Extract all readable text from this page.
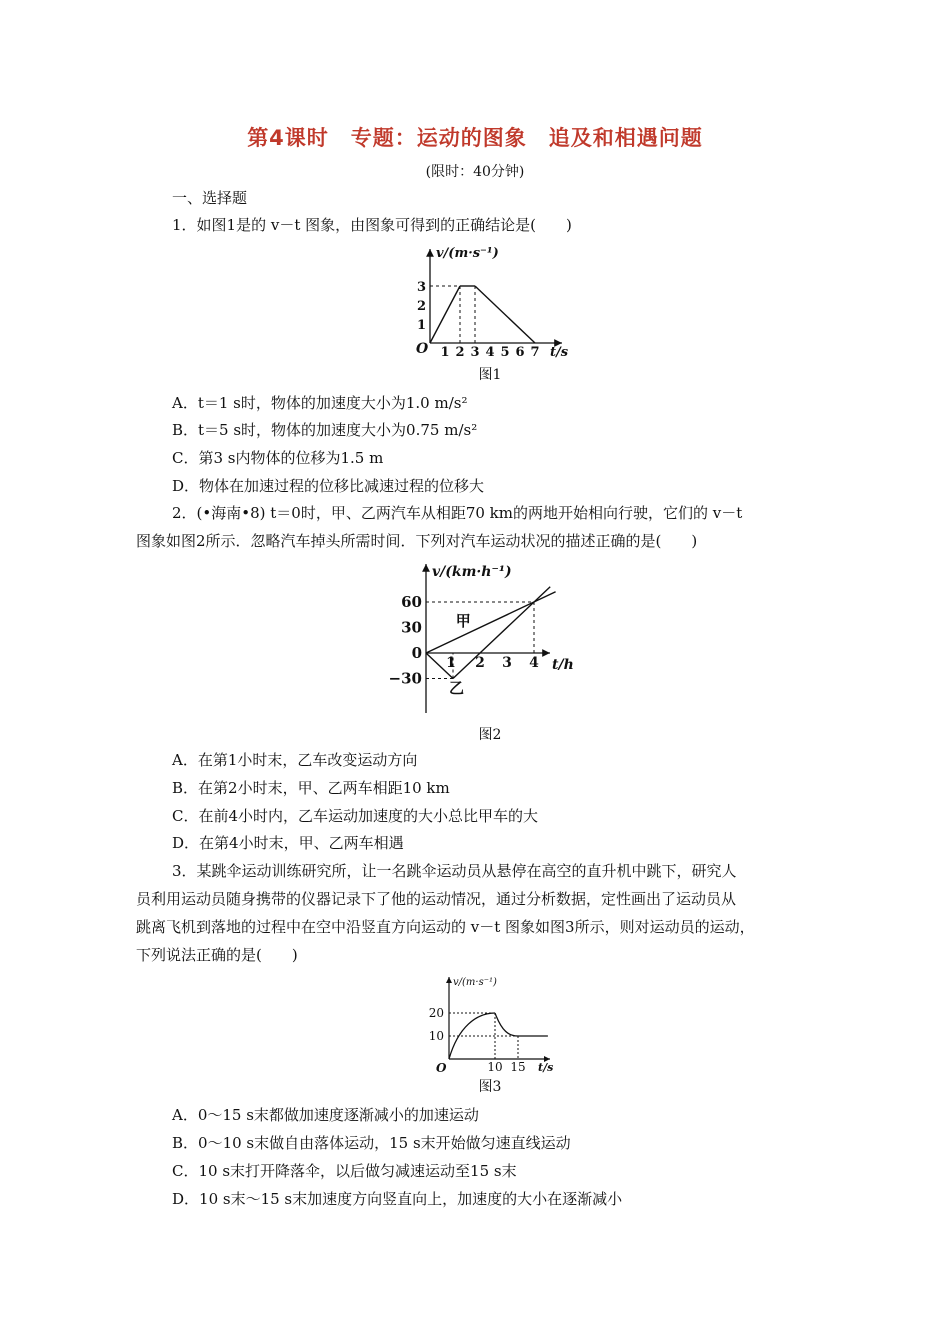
第4课时　专题：运动的图象　追及和相遇问题
(限时：40分钟)
一、选择题
1．如图1是的 v－t 图象，由图象可得到的正确结论是(　　)
v/(m·s⁻¹)
t/s
O 1 2 3 4 5 6 7
1
2
3
图1
A．t＝1 s时，物体的加速度大小为1.0 m/s²
B．t＝5 s时，物体的加速度大小为0.75 m/s²
C．第3 s内物体的位移为1.5 m
D．物体在加速过程的位移比减速过程的位移大
2．(•海南•8) t＝0时，甲、乙两汽车从相距70 km的两地开始相向行驶，它们的 v－t
图象如图2所示．忽略汽车掉头所需时间．下列对汽车运动状况的描述正确的是(　　)
v/(km·h⁻¹)
t/h
60
30
0
−30
1 2 3 4
甲
乙
图2
A．在第1小时末，乙车改变运动方向
B．在第2小时末，甲、乙两车相距10 km
C．在前4小时内，乙车运动加速度的大小总比甲车的大
D．在第4小时末，甲、乙两车相遇
3．某跳伞运动训练研究所，让一名跳伞运动员从悬停在高空的直升机中跳下，研究人
员利用运动员随身携带的仪器记录下了他的运动情况，通过分析数据，定性画出了运动员从
跳离飞机到落地的过程中在空中沿竖直方向运动的 v－t 图象如图3所示，则对运动员的运动，
下列说法正确的是(　　)
v/(m·s⁻¹)
t/s
O
20
10
10 15
图3
A．0～15 s末都做加速度逐渐减小的加速运动
B．0～10 s末做自由落体运动，15 s末开始做匀速直线运动
C．10 s末打开降落伞，以后做匀减速运动至15 s末
D．10 s末～15 s末加速度方向竖直向上，加速度的大小在逐渐减小
